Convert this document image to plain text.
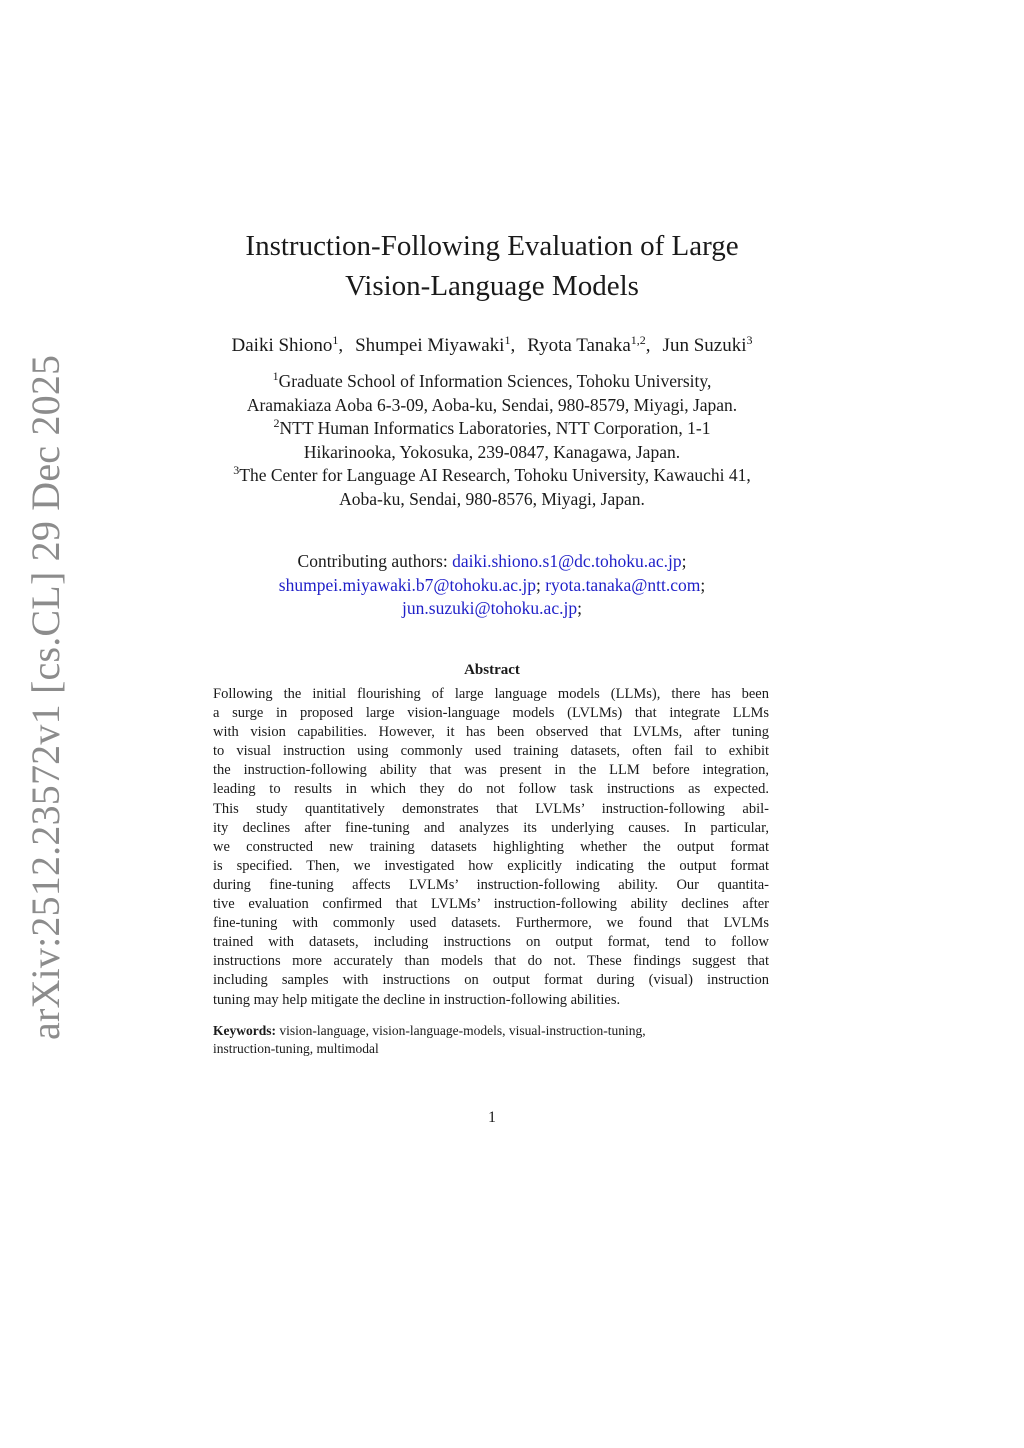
arXiv:2512.23572v1 [cs.CL] 29 Dec 2025
Instruction-Following Evaluation of Large
Vision-Language Models
Daiki Shiono$^1$, Shumpei Miyawaki$^1$, Ryota Tanaka$^{1,2}$, Jun Suzuki$^3$
$^1$Graduate School of Information Sciences, Tohoku University,
Aramakiaza Aoba 6-3-09, Aoba-ku, Sendai, 980-8579, Miyagi, Japan.
$^2$NTT Human Informatics Laboratories, NTT Corporation, 1-1
Hikarinooka, Yokosuka, 239-0847, Kanagawa, Japan.
$^3$The Center for Language AI Research, Tohoku University, Kawauchi 41,
Aoba-ku, Sendai, 980-8576, Miyagi, Japan.
Contributing authors: daiki.shiono.s1@dc.tohoku.ac.jp;
shumpei.miyawaki.b7@tohoku.ac.jp; ryota.tanaka@ntt.com;
jun.suzuki@tohoku.ac.jp;
Abstract
Following the initial flourishing of large language models (LLMs), there has been
a surge in proposed large vision-language models (LVLMs) that integrate LLMs
with vision capabilities. However, it has been observed that LVLMs, after tuning
to visual instruction using commonly used training datasets, often fail to exhibit
the instruction-following ability that was present in the LLM before integration,
leading to results in which they do not follow task instructions as expected.
This study quantitatively demonstrates that LVLMs’ instruction-following abil-
ity declines after fine-tuning and analyzes its underlying causes. In particular,
we constructed new training datasets highlighting whether the output format
is specified. Then, we investigated how explicitly indicating the output format
during fine-tuning affects LVLMs’ instruction-following ability. Our quantita-
tive evaluation confirmed that LVLMs’ instruction-following ability declines after
fine-tuning with commonly used datasets. Furthermore, we found that LVLMs
trained with datasets, including instructions on output format, tend to follow
instructions more accurately than models that do not. These findings suggest that
including samples with instructions on output format during (visual) instruction
tuning may help mitigate the decline in instruction-following abilities.
Keywords: vision-language, vision-language-models, visual-instruction-tuning,
instruction-tuning, multimodal
1
